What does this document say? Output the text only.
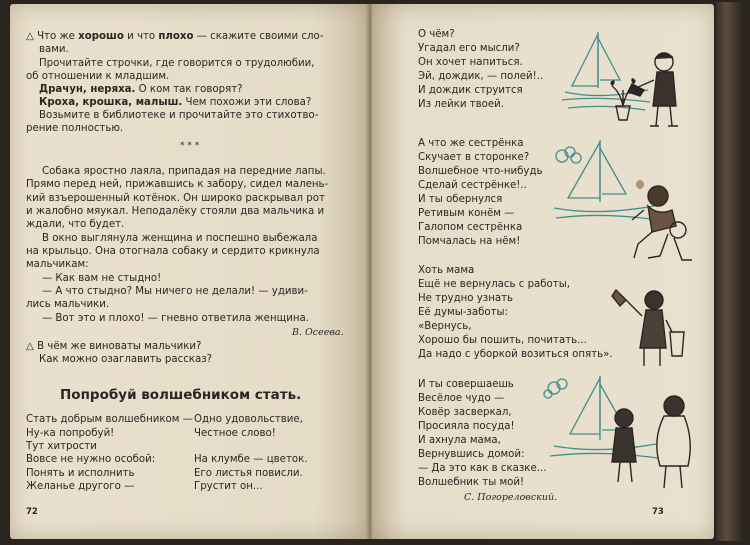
△ Что же хорошо и что плохо — скажите своими сло-
вами.
Прочитайте строчки, где говорится о трудолюбии,
об отношении к младшим.
Драчун, неряха. О ком так говорят?
Кроха, крошка, малыш. Чем похожи эти слова?
Возьмите в библиотеке и прочитайте это стихотво-
рение полностью.
* * *
Собака яростно лаяла, припадая на передние лапы.
Прямо перед ней, прижавшись к забору, сидел малень-
кий взъерошенный котёнок. Он широко раскрывал рот
и жалобно мяукал. Неподалёку стояли два мальчика и
ждали, что будет.
В окно выглянула женщина и поспешно выбежала
на крыльцо. Она отогнала собаку и сердито крикнула
мальчикам:
— Как вам не стыдно!
— А что стыдно? Мы ничего не делали! — удиви-
лись мальчики.
— Вот это и плохо! — гневно ответила женщина.
В. Осеева.
△ В чём же виноваты мальчики?
Как можно озаглавить рассказ?
Попробуй волшебником стать.
Стать добрым волшебником —
Ну-ка попробуй!
Тут хитрости
Вовсе не нужно особой:
Понять и исполнить
Желанье другого —
Одно удовольствие,
Честное слово!
На клумбе — цветок.
Его листья повисли.
Грустит он...
72
О чём?
Угадал его мысли?
Он хочет напиться.
Эй, дождик, — полей!..
И дождик струится
Из лейки твоей.
А что же сестрёнка
Скучает в сторонке?
Волшебное что-нибудь
Сделай сестрёнке!..
И ты обернулся
Ретивым конём —
Галопом сестрёнка
Помчалась на нём!
Хоть мама
Ещё не вернулась с работы,
Не трудно узнать
Её думы-заботы:
«Вернусь,
Хорошо бы пошить, почитать...
Да надо с уборкой возиться опять».
И ты совершаешь
Весёлое чудо —
Ковёр засверкал,
Просияла посуда!
И ахнула мама,
Вернувшись домой:
— Да это как в сказке...
Волшебник ты мой!
С. Погореловский.
73
